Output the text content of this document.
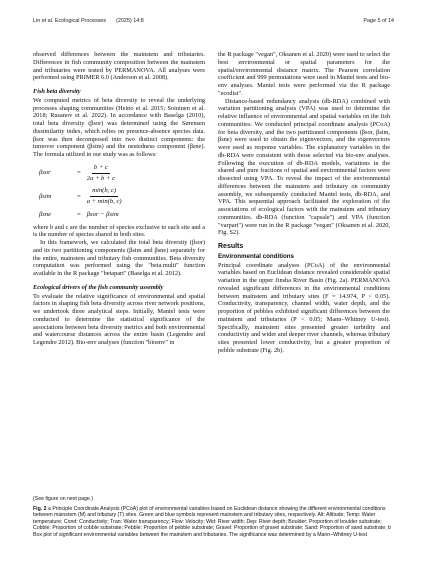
Lin et al. Ecological Processes (2025) 14:8	Page 5 of 14

observed differences between the mainstem and tributaries. Differences in fish community composition between the mainstem and tributaries were tested by PERMANOVA. All analyses were performed using PRIMER 6.0 (Anderson et al. 2008).

Fish beta diversity

We computed metrics of beta diversity to reveal the underlying processes shaping communities (Heino et al. 2015; Soininen et al. 2018; Rusanov et al. 2022). In accordance with Baselga (2010), total beta diversity (βsor) was determined using the Sørensen dissimilarity index, which relies on presence-absence species data. βsor was then decomposed into two distinct components: the turnover component (βsim) and the nestedness component (βsne). The formula utilized in our study was as follows:

βsor	= $\frac{b + c}{2a + b + c}$
βsim	= $\frac{\min(b, c)}{a + \min(b, c)}$
βsne	= βsor − βsim

where b and c are the number of species exclusive to each site and a is the number of species shared in both sites.

In this framework, we calculated the total beta diversity (βsor) and its two partitioning components (βsim and βsne) separately for the entire, mainstem and tributary fish communities. Beta diversity computation was performed using the "beta.multi" function available in the R package "betapart" (Baselga et al. 2012).

Ecological drivers of the fish community assembly

To evaluate the relative significance of environmental and spatial factors in shaping fish beta diversity across river network positions, we undertook three analytical steps. Initially, Mantel tests were conducted to determine the statistical significance of the associations between beta diversity metrics and both environmental and watercourse distances across the entire basin (Legendre and Legendre 2012). Bio-env analyses (function "bioenv" in

the R package "vegan", Oksanen et al. 2020) were used to select the best environmental or spatial parameters for the spatial/environmental distance matrix. The Pearson correlation coefficient and 999 permutations were used in Mantel tests and bio-env analyses. Mantel tests were performed via the R package "ecodist".

Distance-based redundancy analysis (db-RDA) combined with variation partitioning analysis (VPA) was used to determine the relative influence of environmental and spatial variables on the fish communities. We conducted principal coordinate analysis (PCoA) for beta diversity, and the two partitioned components (βsor, βsim, βsne) were used to obtain the eigenvectors, and the eigenvectors were used as response variables. The explanatory variables in the db-RDA were consistent with those selected via bio-env analyses. Following the execution of db-RDA models, variations in the shared and pure fractions of spatial and environmental factors were dissected using VPA. To reveal the impact of the environmental differences between the mainstem and tributary on community assembly, we subsequently conducted Mantel tests, db-RDA, and VPA. This sequential approach facilitated the exploration of the associations of ecological factors with the mainstem and tributary communities. db-RDA (function "capsale") and VPA (function "varpart") were run in the R package "vegan" (Oksanen et al. 2020, Fig. S2).

Results
Environmental conditions

Principal coordinate analyses (PCoA) of the environmental variables based on Euclidean distance revealed considerable spatial variation in the upper Jinsha River Basin (Fig. 2a). PERMANOVA revealed significant differences in the environmental conditions between mainstem and tributary sites (F = 14.974, P < 0.05). Conductivity, transparency, channel width, water depth, and the proportion of pebbles exhibited significant differences between the mainstem and tributaries (P < 0.05; Mann–Whitney U-test). Specifically, mainstem sites presented greater turbidity and conductivity and wider and deeper river channels, whereas tributary sites presented lower conductivity, but a greater proportion of pebble substrate (Fig. 2b).

(See figure on next page.)

Fig. 2 a Principle Coordinate Analysis (PCoA) plot of environmental variables based on Euclidean distance showing the different environmental conditions between mainstem (M) and tributary (T) sites. Green and blue symbols represent mainstem and tributary sites, respectively. Alt: Altitude; Temp: Water temperature; Cond: Conductivity; Tran: Water transparency; Flow: Velocity; Wid: River width; Dep: River depth; Boulder: Proportion of boulder substrate; Cobble: Proportion of cobble substrate; Pebble: Proportion of pebble substrate; Gravel: Proportion of gravel substrate; Sand: Proportion of sand substrate; b Box plot of significant environmental variables between the mainstem and tributaries. The significance was determined by a Mann–Whitney U-test
